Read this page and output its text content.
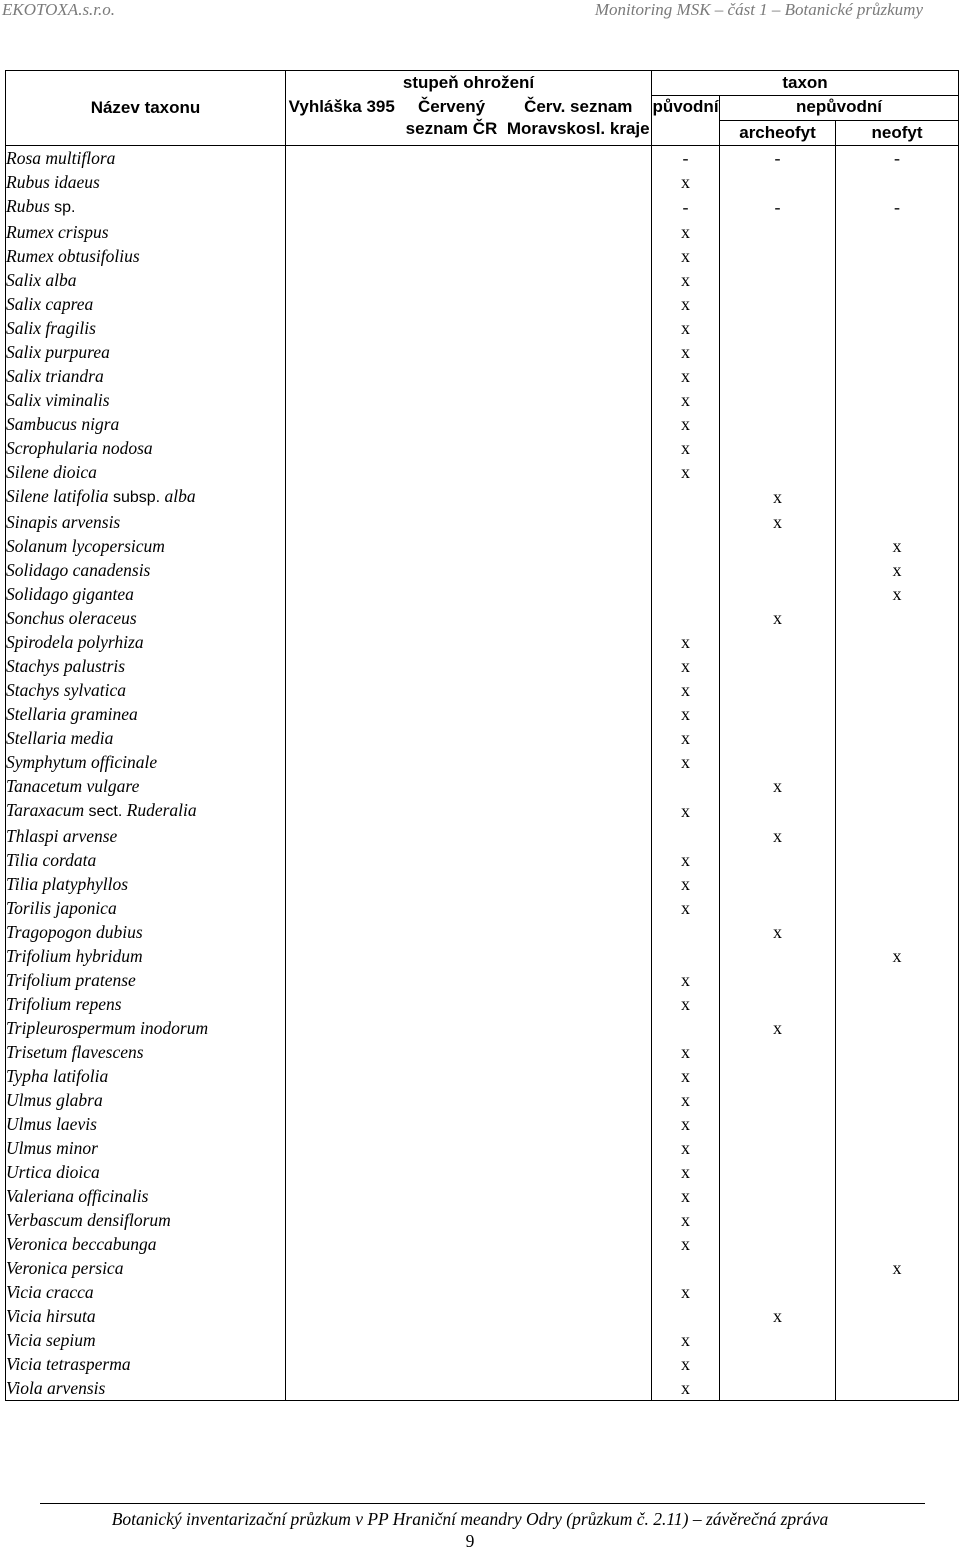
EKOTOXA.s.r.o.	Monitoring MSK – část 1 – Botanické průzkumy
Název taxonu	stupeň ohrožení			taxon		
	Vyhláška 395	Červený seznam ČR	Červ. seznam Moravskosl. kraje	původní	nepůvodní	
					archeofyt	neofyt
Rosa multiflora				-	-	-
Rubus idaeus				x		
Rubus sp.				-	-	-
Rumex crispus				x		
Rumex obtusifolius				x		
Salix alba				x		
Salix caprea				x		
Salix fragilis				x		
Salix purpurea				x		
Salix triandra				x		
Salix viminalis				x		
Sambucus nigra				x		
Scrophularia nodosa				x		
Silene dioica				x		
Silene latifolia subsp. alba					x	
Sinapis arvensis					x	
Solanum lycopersicum						x
Solidago canadensis						x
Solidago gigantea						x
Sonchus oleraceus					x	
Spirodela polyrhiza				x		
Stachys palustris				x		
Stachys sylvatica				x		
Stellaria graminea				x		
Stellaria media				x		
Symphytum officinale				x		
Tanacetum vulgare					x	
Taraxacum sect. Ruderalia				x		
Thlaspi arvense					x	
Tilia cordata				x		
Tilia platyphyllos				x		
Torilis japonica				x		
Tragopogon dubius					x	
Trifolium hybridum						x
Trifolium pratense				x		
Trifolium repens				x		
Tripleurospermum inodorum					x	
Trisetum flavescens				x		
Typha latifolia				x		
Ulmus glabra				x		
Ulmus laevis				x		
Ulmus minor				x		
Urtica dioica				x		
Valeriana officinalis				x		
Verbascum densiflorum				x		
Veronica beccabunga				x		
Veronica persica						x
Vicia cracca				x		
Vicia hirsuta					x	
Vicia sepium				x		
Vicia tetrasperma				x		
Viola arvensis				x		
Botanický inventarizační průzkum v PP Hraniční meandry Odry (průzkum č. 2.11) – závěrečná zpráva
9
